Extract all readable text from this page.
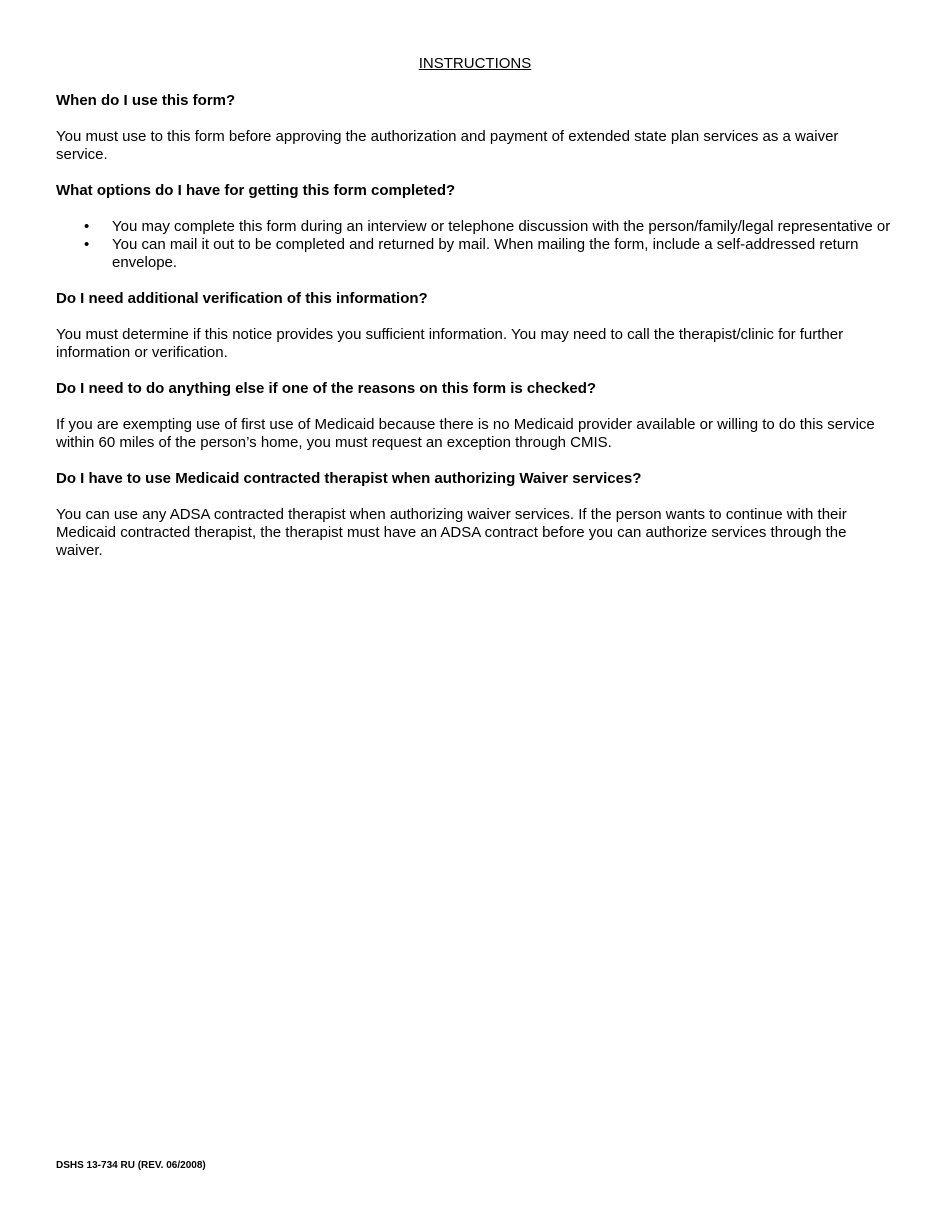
INSTRUCTIONS
When do I use this form?
You must use to this form before approving the authorization and payment of extended state plan services as a waiver service.
What options do I have for getting this form completed?
• You may complete this form during an interview or telephone discussion with the person/family/legal representative or
• You can mail it out to be completed and returned by mail. When mailing the form, include a self-addressed return envelope.
Do I need additional verification of this information?
You must determine if this notice provides you sufficient information. You may need to call the therapist/clinic for further information or verification.
Do I need to do anything else if one of the reasons on this form is checked?
If you are exempting use of first use of Medicaid because there is no Medicaid provider available or willing to do this service within 60 miles of the person’s home, you must request an exception through CMIS.
Do I have to use Medicaid contracted therapist when authorizing Waiver services?
You can use any ADSA contracted therapist when authorizing waiver services. If the person wants to continue with their Medicaid contracted therapist, the therapist must have an ADSA contract before you can authorize services through the waiver.
DSHS 13-734 RU (REV. 06/2008)
